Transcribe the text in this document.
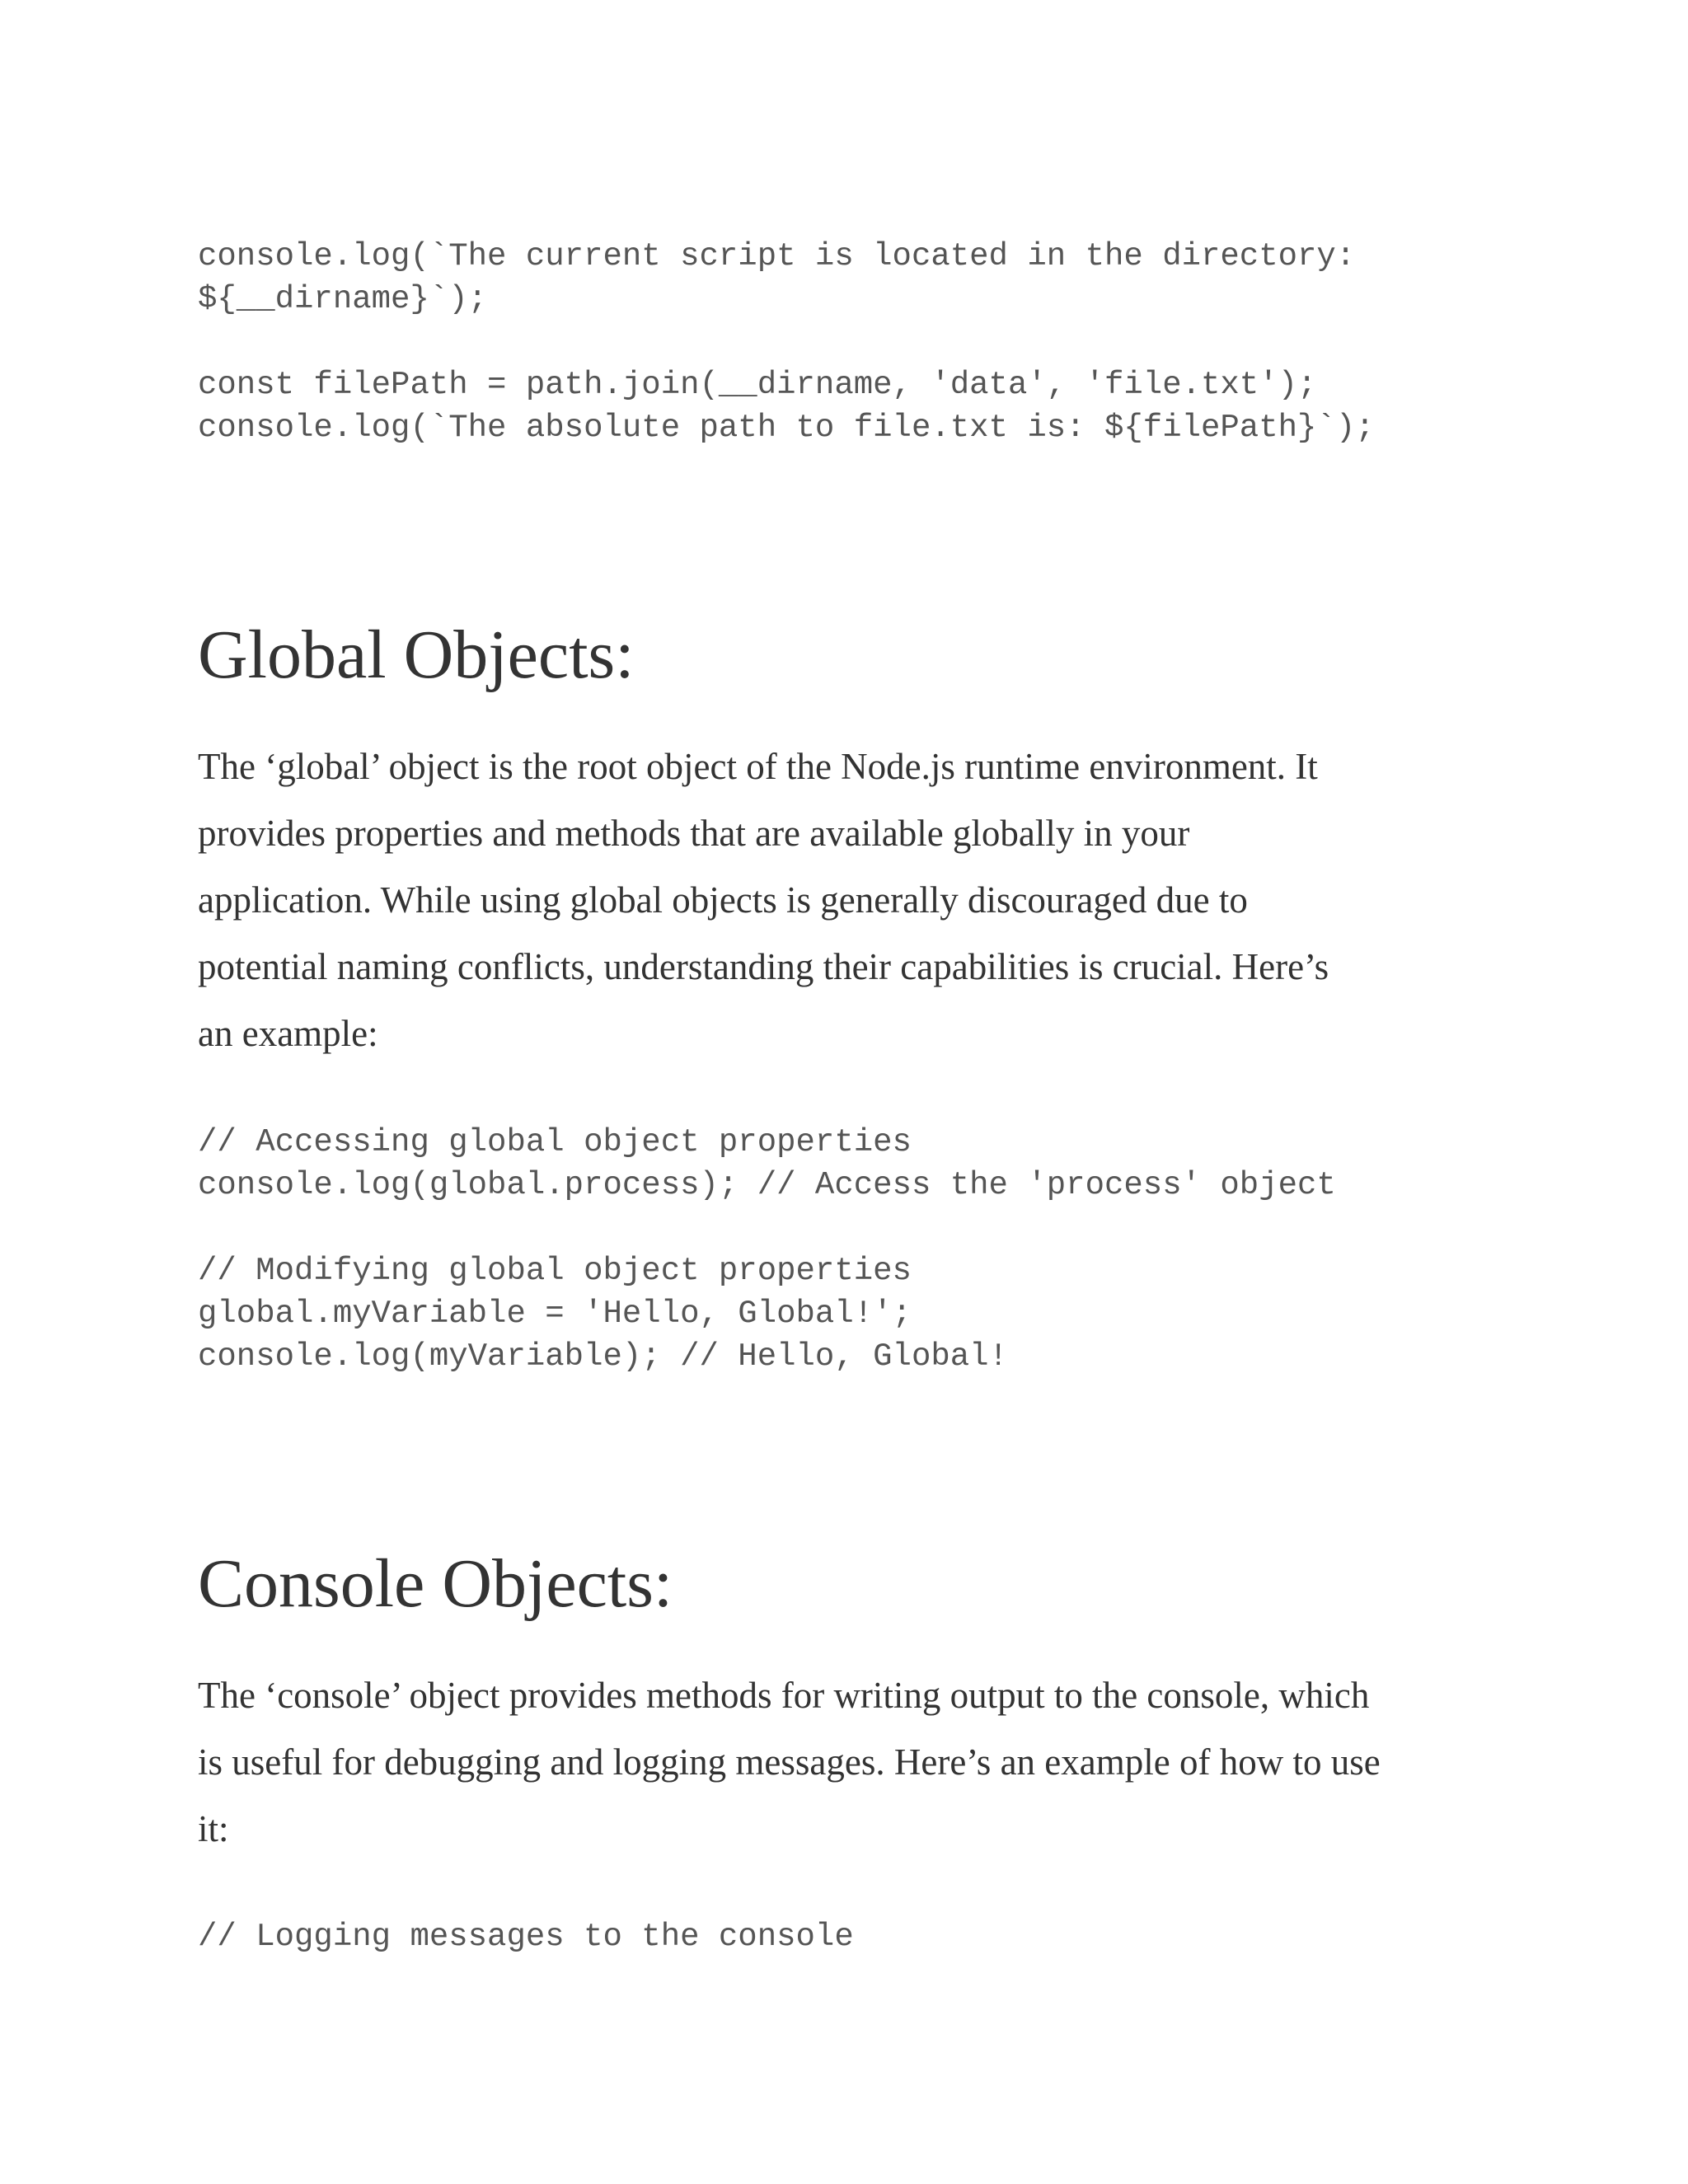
console.log(`The current script is located in the directory:
${__dirname}`);

const filePath = path.join(__dirname, 'data', 'file.txt');
console.log(`The absolute path to file.txt is: ${filePath}`);
Global Objects:

The ‘global’ object is the root object of the Node.js runtime environment. It
provides properties and methods that are available globally in your
application. While using global objects is generally discouraged due to
potential naming conflicts, understanding their capabilities is crucial. Here’s
an example:

// Accessing global object properties
console.log(global.process); // Access the 'process' object

// Modifying global object properties
global.myVariable = 'Hello, Global!';
console.log(myVariable); // Hello, Global!
Console Objects:

The ‘console’ object provides methods for writing output to the console, which
is useful for debugging and logging messages. Here’s an example of how to use
it:

// Logging messages to the console
